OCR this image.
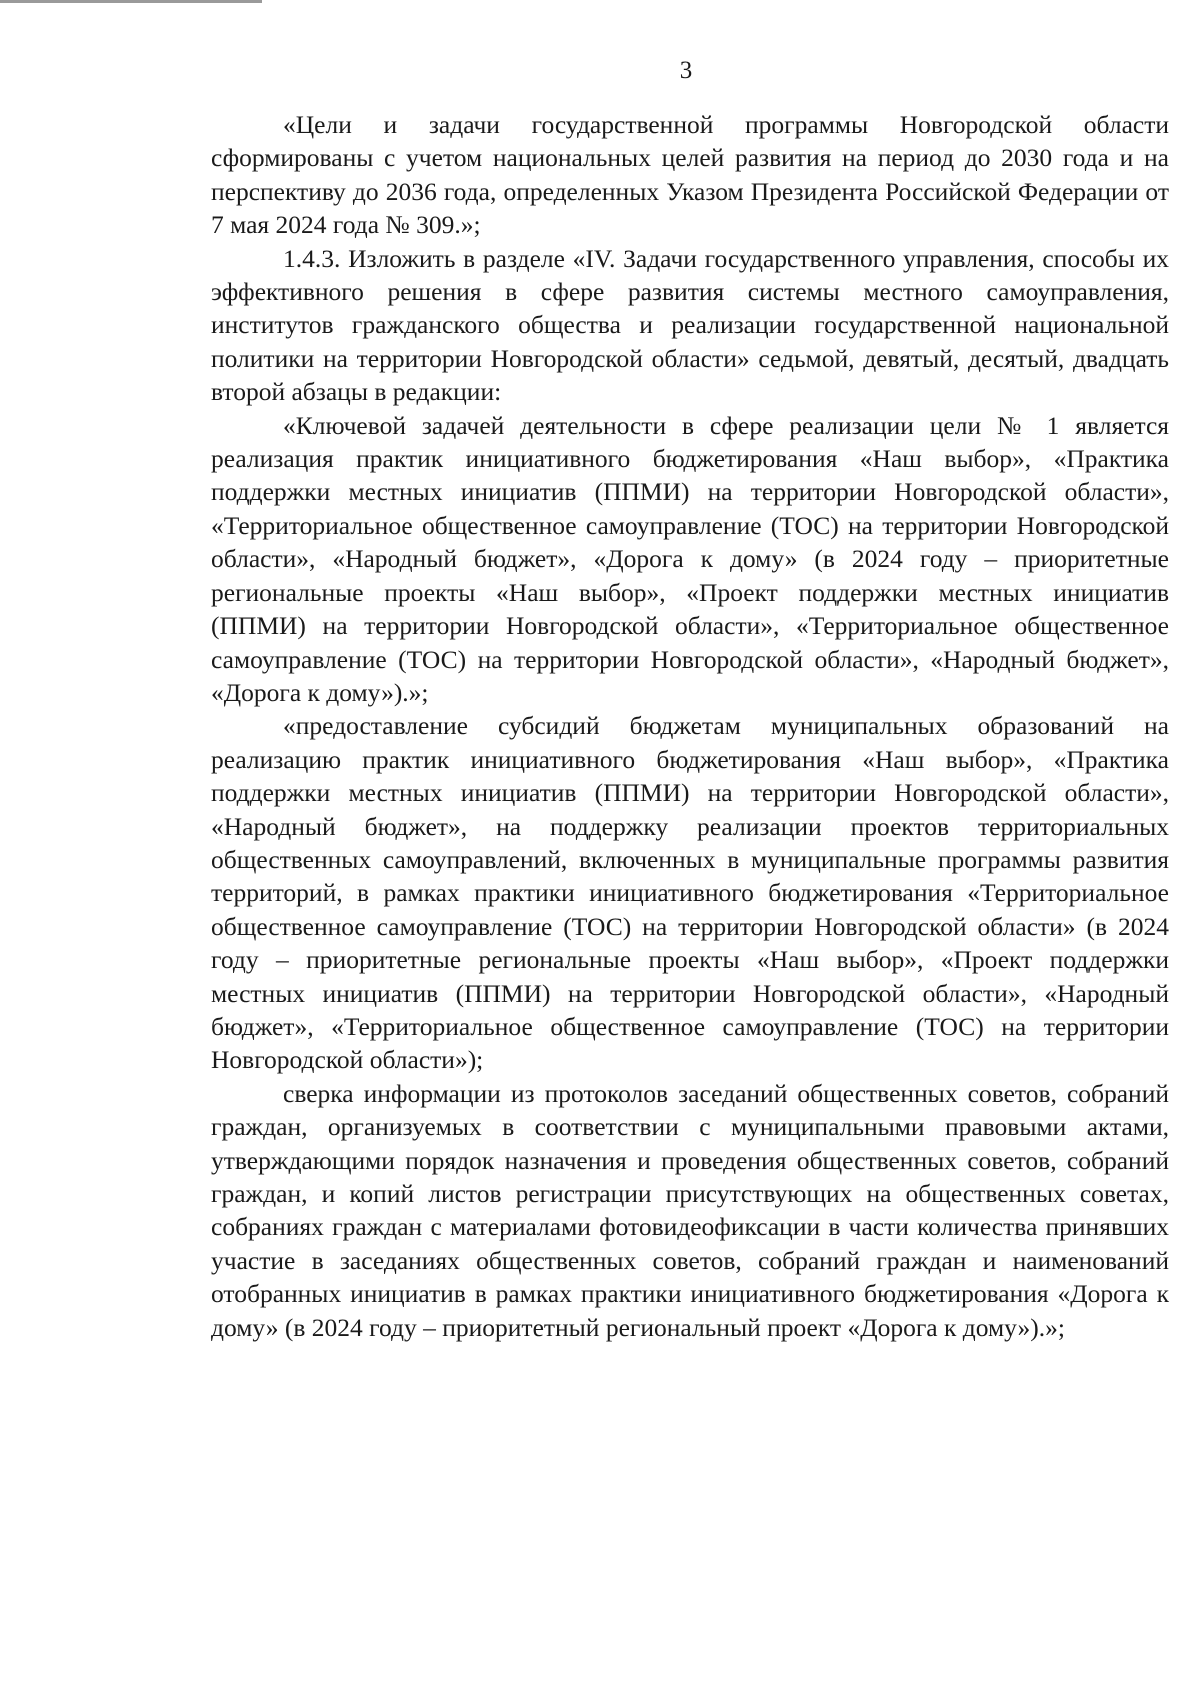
3

«Цели и задачи государственной программы Новгородской области сформированы с учетом национальных целей развития на период до 2030 года и на перспективу до 2036 года, определенных Указом Президента Российской Федерации от 7 мая 2024 года № 309.»;

1.4.3. Изложить в разделе «IV. Задачи государственного управления, способы их эффективного решения в сфере развития системы местного самоуправления, институтов гражданского общества и реализации государственной национальной политики на территории Новгородской области» седьмой, девятый, десятый, двадцать второй абзацы в редакции:

«Ключевой задачей деятельности в сфере реализации цели № 1 является реализация практик инициативного бюджетирования «Наш выбор», «Практика поддержки местных инициатив (ППМИ) на территории Новгородской области», «Территориальное общественное самоуправление (ТОС) на территории Новгородской области», «Народный бюджет», «Дорога к дому» (в 2024 году – приоритетные региональные проекты «Наш выбор», «Проект поддержки местных инициатив (ППМИ) на территории Новгородской области», «Территориальное общественное самоуправление (ТОС) на территории Новгородской области», «Народный бюджет», «Дорога к дому»).»;

«предоставление субсидий бюджетам муниципальных образований на реализацию практик инициативного бюджетирования «Наш выбор», «Практика поддержки местных инициатив (ППМИ) на территории Новгородской области», «Народный бюджет», на поддержку реализации проектов территориальных общественных самоуправлений, включенных в муниципальные программы развития территорий, в рамках практики инициативного бюджетирования «Территориальное общественное самоуправление (ТОС) на территории Новгородской области» (в 2024 году – приоритетные региональные проекты «Наш выбор», «Проект поддержки местных инициатив (ППМИ) на территории Новгородской области», «Народный бюджет», «Территориальное общественное самоуправление (ТОС) на территории Новгородской области»);

сверка информации из протоколов заседаний общественных советов, собраний граждан, организуемых в соответствии с муниципальными правовыми актами, утверждающими порядок назначения и проведения общественных советов, собраний граждан, и копий листов регистрации присутствующих на общественных советах, собраниях граждан с материалами фотовидеофиксации в части количества принявших участие в заседаниях общественных советов, собраний граждан и наименований отобранных инициатив в рамках практики инициативного бюджетирования «Дорога к дому» (в 2024 году – приоритетный региональный проект «Дорога к дому»).»;
